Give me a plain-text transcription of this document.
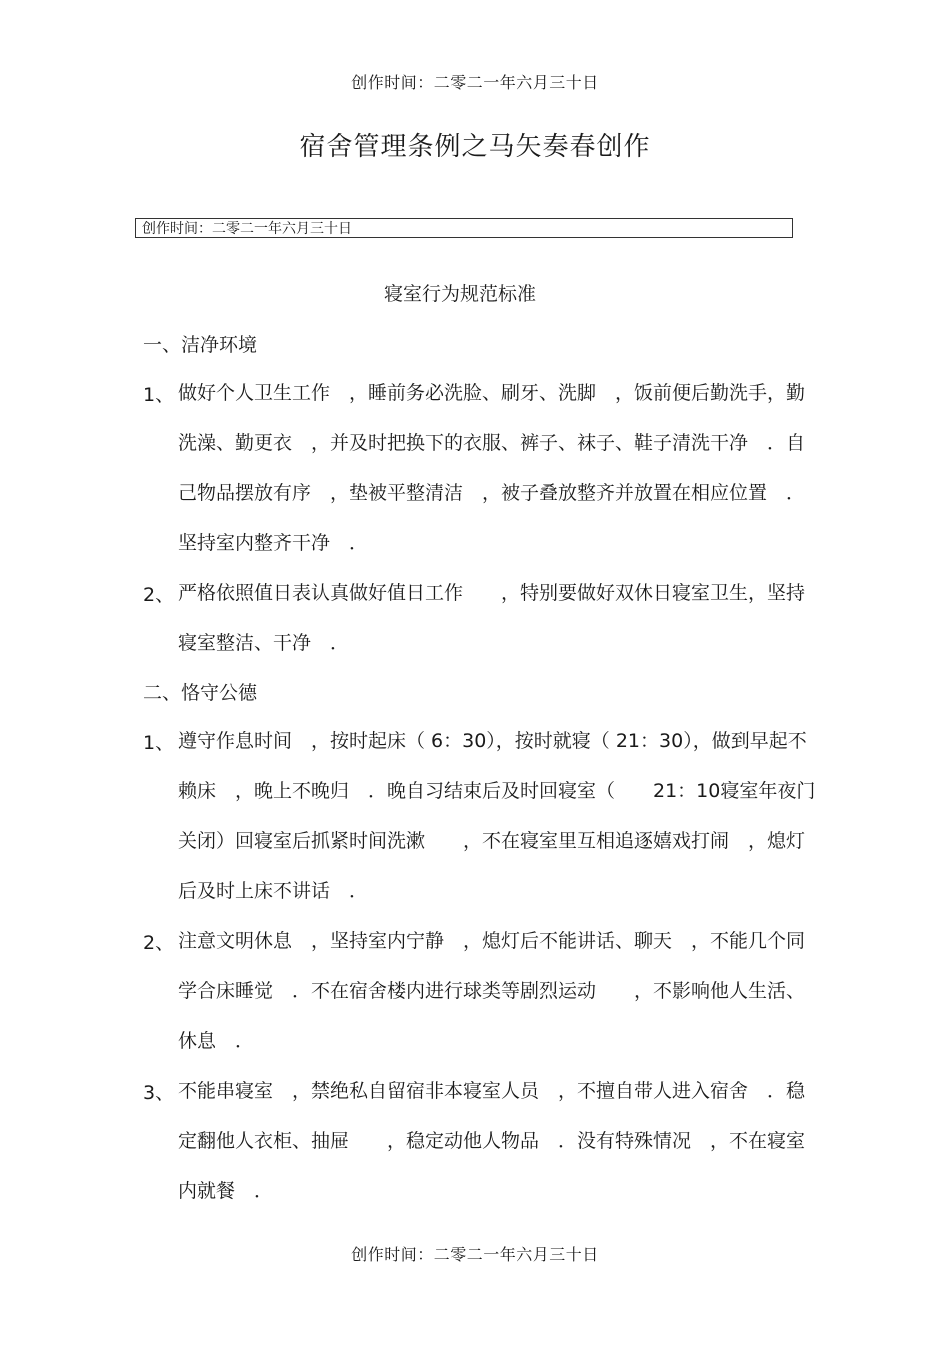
创作时间：二零二一年六月三十日
宿舍管理条例之马矢奏春创作
创作时间：二零二一年六月三十日
寝室行为规范标准
一、洁净环境
1、 做好个人卫生工作　，睡前务必洗脸、刷牙、洗脚　，饭前便后勤洗手，勤洗澡、勤更衣　，并及时把换下的衣服、裤子、袜子、鞋子清洗干净　．自己物品摆放有序　，垫被平整清洁　，被子叠放整齐并放置在相应位置　．坚持室内整齐干净　．
2、 严格依照值日表认真做好值日工作　　，特别要做好双休日寝室卫生，坚持寝室整洁、干净　．
二、恪守公德
1、 遵守作息时间　，按时起床（ 6：30），按时就寝（ 21：30），做到早起不赖床　，晚上不晚归　．晚自习结束后及时回寝室（　　21：10寝室年夜门关闭）回寝室后抓紧时间洗漱　　，不在寝室里互相追逐嬉戏打闹　，熄灯后及时上床不讲话　．
2、 注意文明休息　，坚持室内宁静　，熄灯后不能讲话、聊天　，不能几个同学合床睡觉　．不在宿舍楼内进行球类等剧烈运动　　，不影响他人生活、休息　．
3、 不能串寝室　，禁绝私自留宿非本寝室人员　，不擅自带人进入宿舍　．稳定翻他人衣柜、抽屉　　，稳定动他人物品　．没有特殊情况　，不在寝室内就餐　．
创作时间：二零二一年六月三十日
